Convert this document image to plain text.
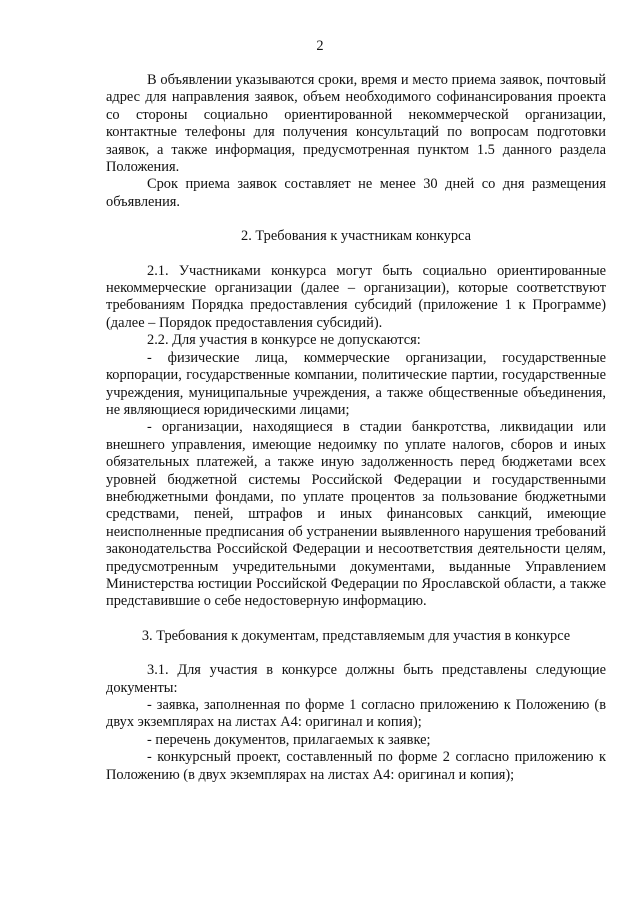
2

В объявлении указываются сроки, время и место приема заявок, почтовый адрес для направления заявок, объем необходимого софинансирования проекта со стороны социально ориентированной некоммерческой организации, контактные телефоны для получения консультаций по вопросам подготовки заявок, а также информация, предусмотренная пунктом 1.5 данного раздела Положения.

Срок приема заявок составляет не менее 30 дней со дня размещения объявления.

2. Требования к участникам конкурса

2.1. Участниками конкурса могут быть социально ориентированные некоммерческие организации (далее – организации), которые соответствуют требованиям Порядка предоставления субсидий (приложение 1 к Программе) (далее – Порядок предоставления субсидий).

2.2. Для участия в конкурсе не допускаются:

- физические лица, коммерческие организации, государственные корпорации, государственные компании, политические партии, государственные учреждения, муниципальные учреждения, а также общественные объединения, не являющиеся юридическими лицами;

- организации, находящиеся в стадии банкротства, ликвидации или внешнего управления, имеющие недоимку по уплате налогов, сборов и иных обязательных платежей, а также иную задолженность перед бюджетами всех уровней бюджетной системы Российской Федерации и государственными внебюджетными фондами, по уплате процентов за пользование бюджетными средствами, пеней, штрафов и иных финансовых санкций, имеющие неисполненные предписания об устранении выявленного нарушения требований законодательства Российской Федерации и несоответствия деятельности целям, предусмотренным учредительными документами, выданные Управлением Министерства юстиции Российской Федерации по Ярославской области, а также представившие о себе недостоверную информацию.

3. Требования к документам, представляемым для участия в конкурсе

3.1. Для участия в конкурсе должны быть представлены следующие документы:

- заявка, заполненная по форме 1 согласно приложению к Положению (в двух экземплярах на листах А4: оригинал и копия);

- перечень документов, прилагаемых к заявке;

- конкурсный проект, составленный по форме 2 согласно приложению к Положению (в двух экземплярах на листах А4: оригинал и копия);
